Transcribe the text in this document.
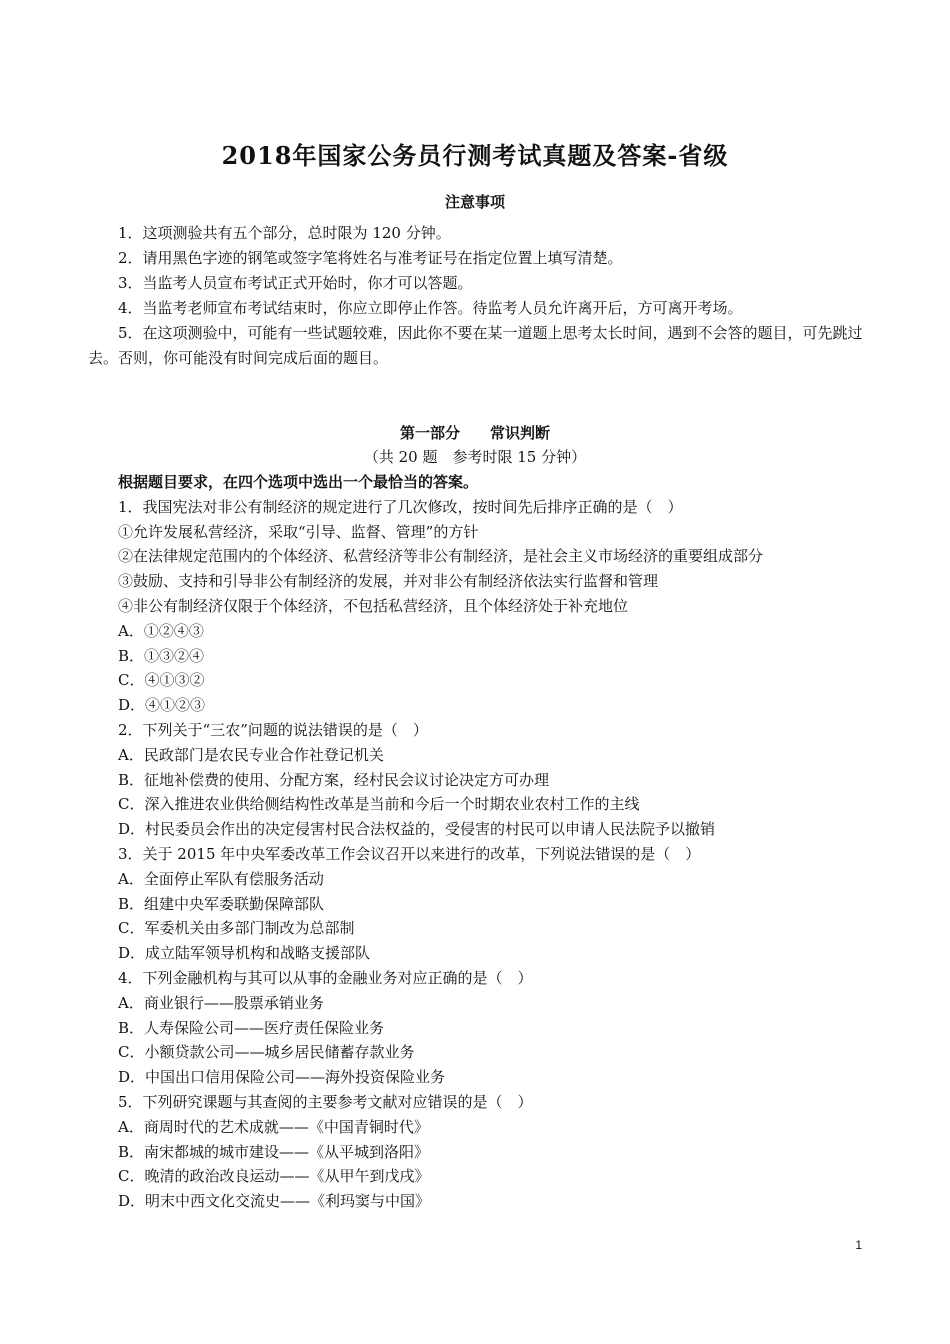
2018年国家公务员行测考试真题及答案-省级
注意事项
1．这项测验共有五个部分，总时限为 120 分钟。
2．请用黑色字迹的钢笔或签字笔将姓名与准考证号在指定位置上填写清楚。
3．当监考人员宣布考试正式开始时，你才可以答题。
4．当监考老师宣布考试结束时，你应立即停止作答。待监考人员允许离开后，方可离开考场。
5．在这项测验中，可能有一些试题较难，因此你不要在某一道题上思考太长时间，遇到不会答的题目，可先跳过去。否则，你可能没有时间完成后面的题目。
第一部分　　常识判断
（共 20 题　参考时限 15 分钟）
根据题目要求，在四个选项中选出一个最恰当的答案。
1．我国宪法对非公有制经济的规定进行了几次修改，按时间先后排序正确的是（　）
①允许发展私营经济，采取“引导、监督、管理”的方针
②在法律规定范围内的个体经济、私营经济等非公有制经济，是社会主义市场经济的重要组成部分
③鼓励、支持和引导非公有制经济的发展，并对非公有制经济依法实行监督和管理
④非公有制经济仅限于个体经济，不包括私营经济，且个体经济处于补充地位
A．①②④③
B．①③②④
C．④①③②
D．④①②③
2．下列关于“三农”问题的说法错误的是（　）
A．民政部门是农民专业合作社登记机关
B．征地补偿费的使用、分配方案，经村民会议讨论决定方可办理
C．深入推进农业供给侧结构性改革是当前和今后一个时期农业农村工作的主线
D．村民委员会作出的决定侵害村民合法权益的，受侵害的村民可以申请人民法院予以撤销
3．关于 2015 年中央军委改革工作会议召开以来进行的改革，下列说法错误的是（　）
A．全面停止军队有偿服务活动
B．组建中央军委联勤保障部队
C．军委机关由多部门制改为总部制
D．成立陆军领导机构和战略支援部队
4．下列金融机构与其可以从事的金融业务对应正确的是（　）
A．商业银行——股票承销业务
B．人寿保险公司——医疗责任保险业务
C．小额贷款公司——城乡居民储蓄存款业务
D．中国出口信用保险公司——海外投资保险业务
5．下列研究课题与其查阅的主要参考文献对应错误的是（　）
A．商周时代的艺术成就——《中国青铜时代》
B．南宋都城的城市建设——《从平城到洛阳》
C．晚清的政治改良运动——《从甲午到戊戌》
D．明末中西文化交流史——《利玛窦与中国》
1
